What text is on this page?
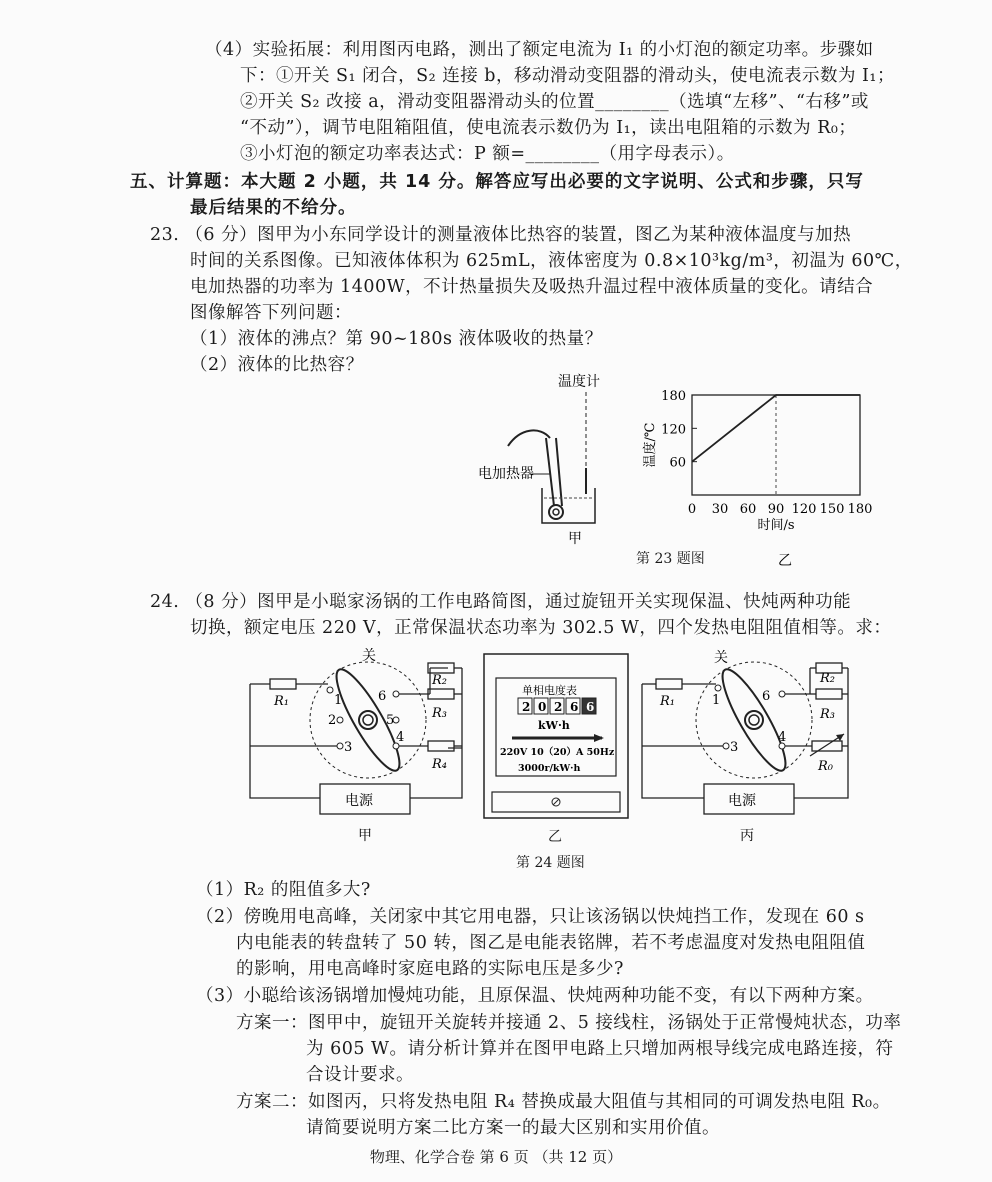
（4）实验拓展：利用图丙电路，测出了额定电流为 I₁ 的小灯泡的额定功率。步骤如
下：①开关 S₁ 闭合，S₂ 连接 b，移动滑动变阻器的滑动头，使电流表示数为 I₁；
②开关 S₂ 改接 a，滑动变阻器滑动头的位置________（选填“左移”、“右移”或
“不动”），调节电阻箱阻值，使电流表示数仍为 I₁，读出电阻箱的示数为 R₀；
③小灯泡的额定功率表达式：P 额=________（用字母表示）。
五、计算题：本大题 2 小题，共 14 分。解答应写出必要的文字说明、公式和步骤，只写
最后结果的不给分。
23. （6 分）图甲为小东同学设计的测量液体比热容的装置，图乙为某种液体温度与加热
时间的关系图像。已知液体体积为 625mL，液体密度为 0.8×10³kg/m³，初温为 60℃，
电加热器的功率为 1400W，不计热量损失及吸热升温过程中液体质量的变化。请结合
图像解答下列问题：
（1）液体的沸点？第 90~180s 液体吸收的热量？
（2）液体的比热容？
温度计
电加热器
甲
60
120
180
0 30 60 90 120 150 180
时间/s
温度/℃
乙
第 23 题图
24. （8 分）图甲是小聪家汤锅的工作电路简图，通过旋钮开关实现保温、快炖两种功能
切换，额定电压 220 V，正常保温状态功率为 302.5 W，四个发热电阻阻值相等。求：
电源
R₁
关
1
2
3
4
5
6
R₂
R₃
R₄
甲
单相电度表
2 0 2 6 6
kW·h
220V 10（20）A 50Hz
3000r/kW·h
乙
电源
R₁
关
1
3
4
6
R₂
R₃
R₀
丙
第 24 题图
（1）R₂ 的阻值多大?
（2）傍晚用电高峰，关闭家中其它用电器，只让该汤锅以快炖挡工作，发现在 60 s
内电能表的转盘转了 50 转，图乙是电能表铭牌，若不考虑温度对发热电阻阻值
的影响，用电高峰时家庭电路的实际电压是多少?
（3）小聪给该汤锅增加慢炖功能，且原保温、快炖两种功能不变，有以下两种方案。
方案一：图甲中，旋钮开关旋转并接通 2、5 接线柱，汤锅处于正常慢炖状态，功率
为 605 W。请分析计算并在图甲电路上只增加两根导线完成电路连接，符
合设计要求。
方案二：如图丙，只将发热电阻 R₄ 替换成最大阻值与其相同的可调发热电阻 R₀。
请简要说明方案二比方案一的最大区别和实用价值。
物理、化学合卷 第 6 页 （共 12 页）
